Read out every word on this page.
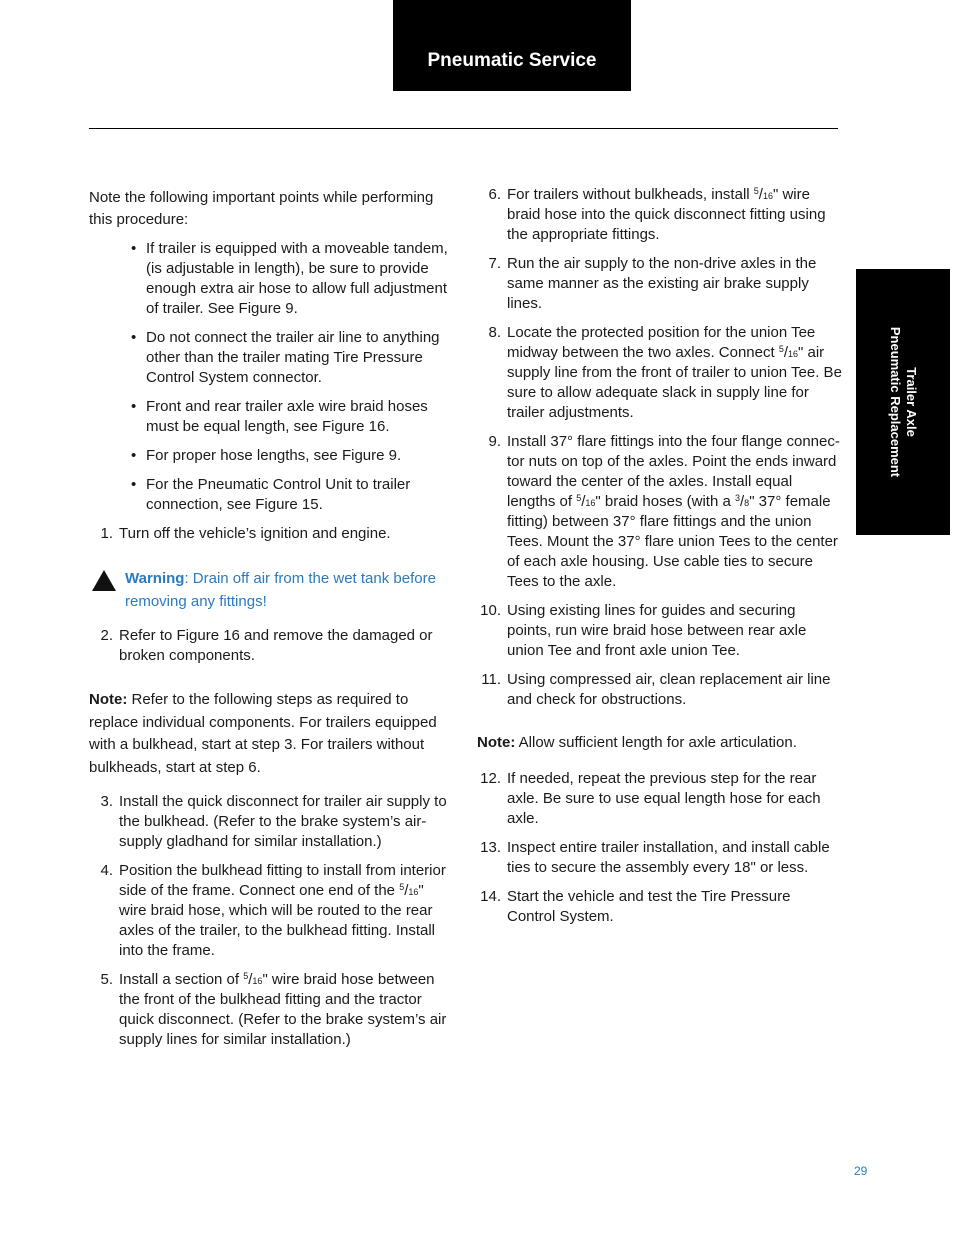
Pneumatic Service
Trailer Axle
Pneumatic Replacement

Note the following important points while performing this procedure:

• If trailer is equipped with a moveable tandem, (is adjustable in length), be sure to provide enough extra air hose to allow full adjustment of trailer. See Figure 9.
• Do not connect the trailer air line to anything other than the trailer mating Tire Pressure Control System connector.
• Front and rear trailer axle wire braid hoses must be equal length, see Figure 16.
• For proper hose lengths, see Figure 9.
• For the Pneumatic Control Unit to trailer connection, see Figure 15.
1. Turn off the vehicle’s ignition and engine.
Warning: Drain off air from the wet tank before removing any fittings!
2. Refer to Figure 16 and remove the damaged or broken components.

Note: Refer to the following steps as required to replace individual components. For trailers equipped with a bulkhead, start at step 3. For trailers without bulkheads, start at step 6.

3. Install the quick disconnect for trailer air supply to the bulkhead. (Refer to the brake system’s air-supply gladhand for similar installation.)
4. Position the bulkhead fitting to install from interior side of the frame. Connect one end of the $^5$/16" wire braid hose, which will be routed to the rear axles of the trailer, to the bulkhead fitting. Install into the frame.
5. Install a section of $^5$/16" wire braid hose between the front of the bulkhead fitting and the tractor quick disconnect. (Refer to the brake system’s air supply lines for similar installation.)
6. For trailers without bulkheads, install $^5$/16" wire braid hose into the quick disconnect fitting using the appropriate fittings.
7. Run the air supply to the non-drive axles in the same manner as the existing air brake supply lines.
8. Locate the protected position for the union Tee midway between the two axles. Connect $^5$/16" air supply line from the front of trailer to union Tee. Be sure to allow adequate slack in supply line for trailer adjustments.
9. Install 37° flare fittings into the four flange connec-tor nuts on top of the axles. Point the ends inward toward the center of the axles. Install equal lengths of $^5$/16" braid hoses (with a $^3$/8" 37° female fitting) between 37° flare fittings and the union Tees. Mount the 37° flare union Tees to the center of each axle housing. Use cable ties to secure Tees to the axle.
10. Using existing lines for guides and securing points, run wire braid hose between rear axle union Tee and front axle union Tee.
11. Using compressed air, clean replacement air line and check for obstructions.

Note: Allow sufficient length for axle articulation.

12. If needed, repeat the previous step for the rear axle. Be sure to use equal length hose for each axle.
13. Inspect entire trailer installation, and install cable ties to secure the assembly every 18" or less.
14. Start the vehicle and test the Tire Pressure Control System.
29
